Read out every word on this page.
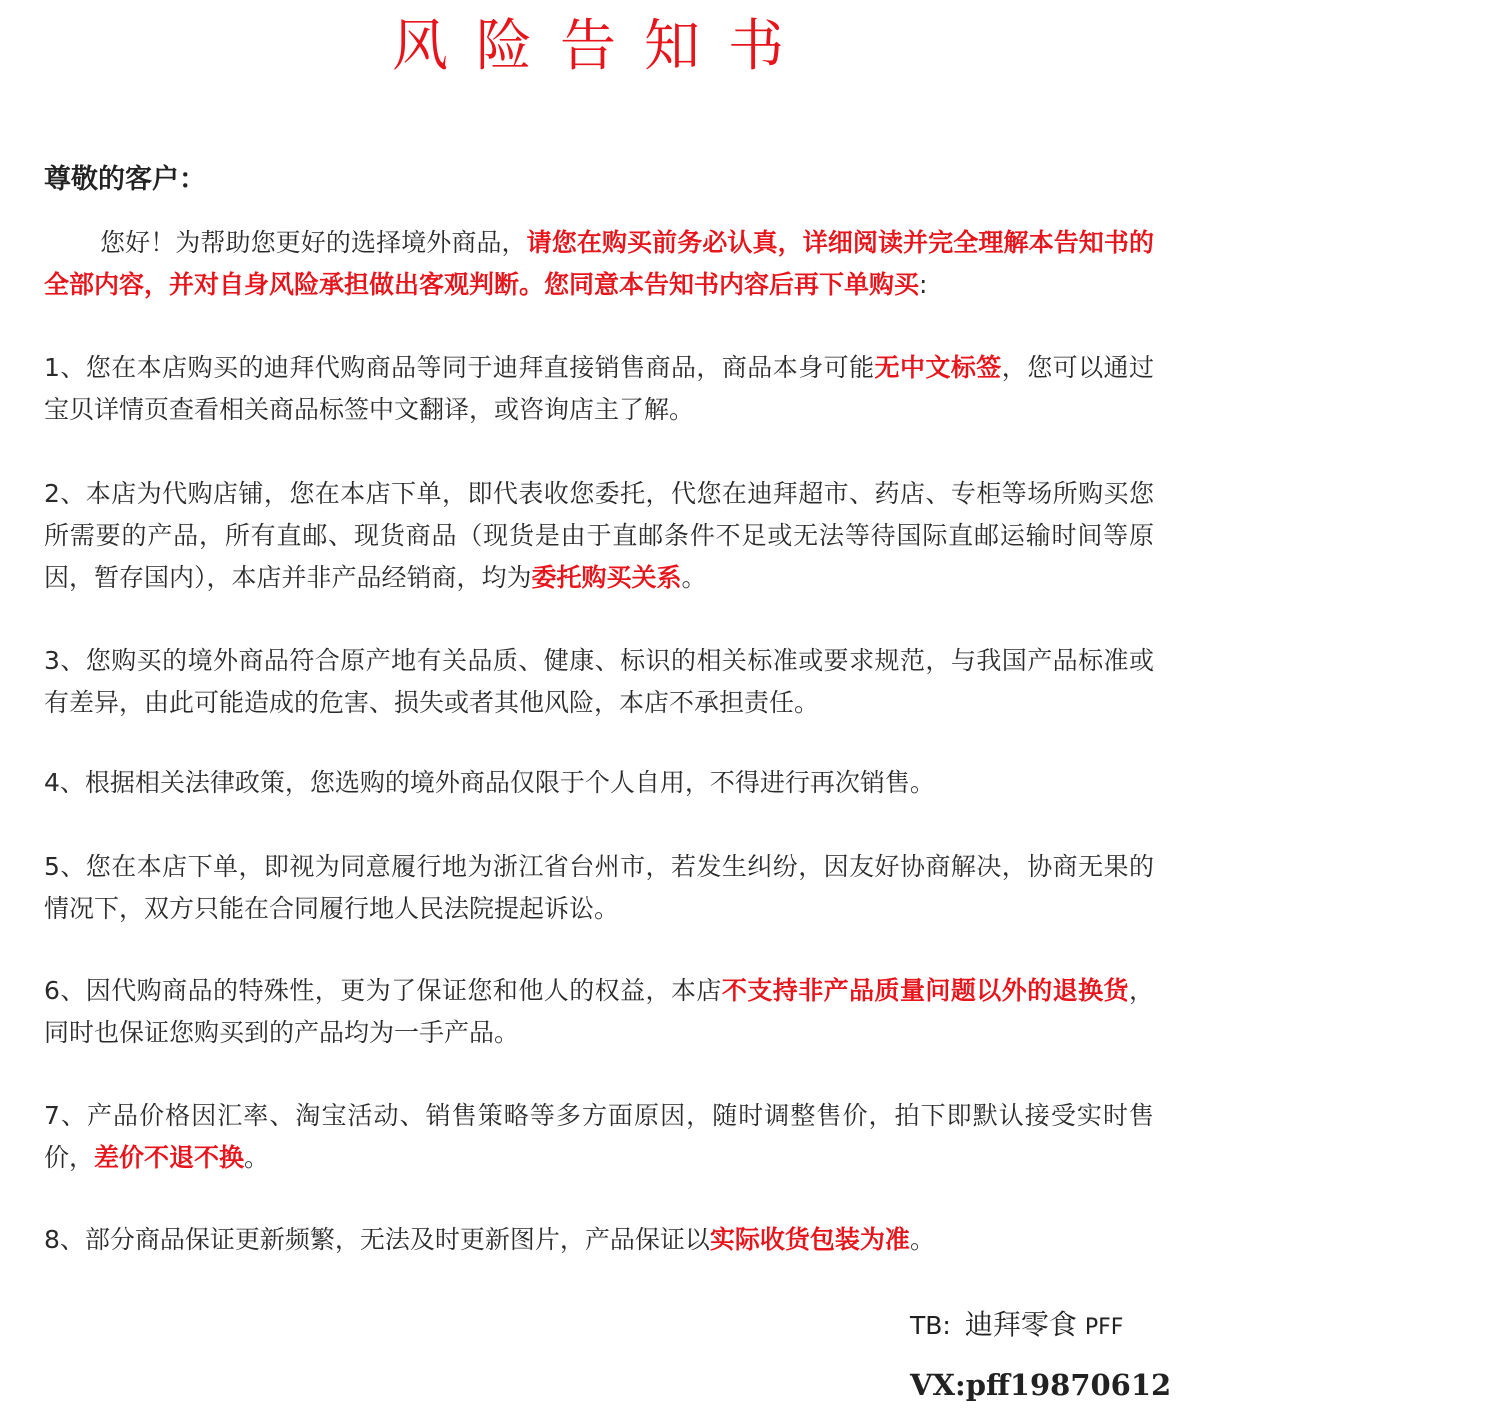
风险告知书
尊敬的客户：

您好！为帮助您更好的选择境外商品，请您在购买前务必认真，详细阅读并完全理解本告知书的全部内容，并对自身风险承担做出客观判断。您同意本告知书内容后再下单购买:

1、您在本店购买的迪拜代购商品等同于迪拜直接销售商品，商品本身可能无中文标签，您可以通过宝贝详情页查看相关商品标签中文翻译，或咨询店主了解。

2、本店为代购店铺，您在本店下单，即代表收您委托，代您在迪拜超市、药店、专柜等场所购买您所需要的产品，所有直邮、现货商品（现货是由于直邮条件不足或无法等待国际直邮运输时间等原因，暂存国内），本店并非产品经销商，均为委托购买关系。

3、您购买的境外商品符合原产地有关品质、健康、标识的相关标准或要求规范，与我国产品标准或有差异，由此可能造成的危害、损失或者其他风险，本店不承担责任。

4、根据相关法律政策，您选购的境外商品仅限于个人自用，不得进行再次销售。

5、您在本店下单，即视为同意履行地为浙江省台州市，若发生纠纷，因友好协商解决，协商无果的情况下，双方只能在合同履行地人民法院提起诉讼。

6、因代购商品的特殊性，更为了保证您和他人的权益，本店不支持非产品质量问题以外的退换货，同时也保证您购买到的产品均为一手产品。

7、产品价格因汇率、淘宝活动、销售策略等多方面原因，随时调整售价，拍下即默认接受实时售价，差价不退不换。

8、部分商品保证更新频繁，无法及时更新图片，产品保证以实际收货包装为准。

TB: 迪拜零食 PFF
VX:pff19870612
